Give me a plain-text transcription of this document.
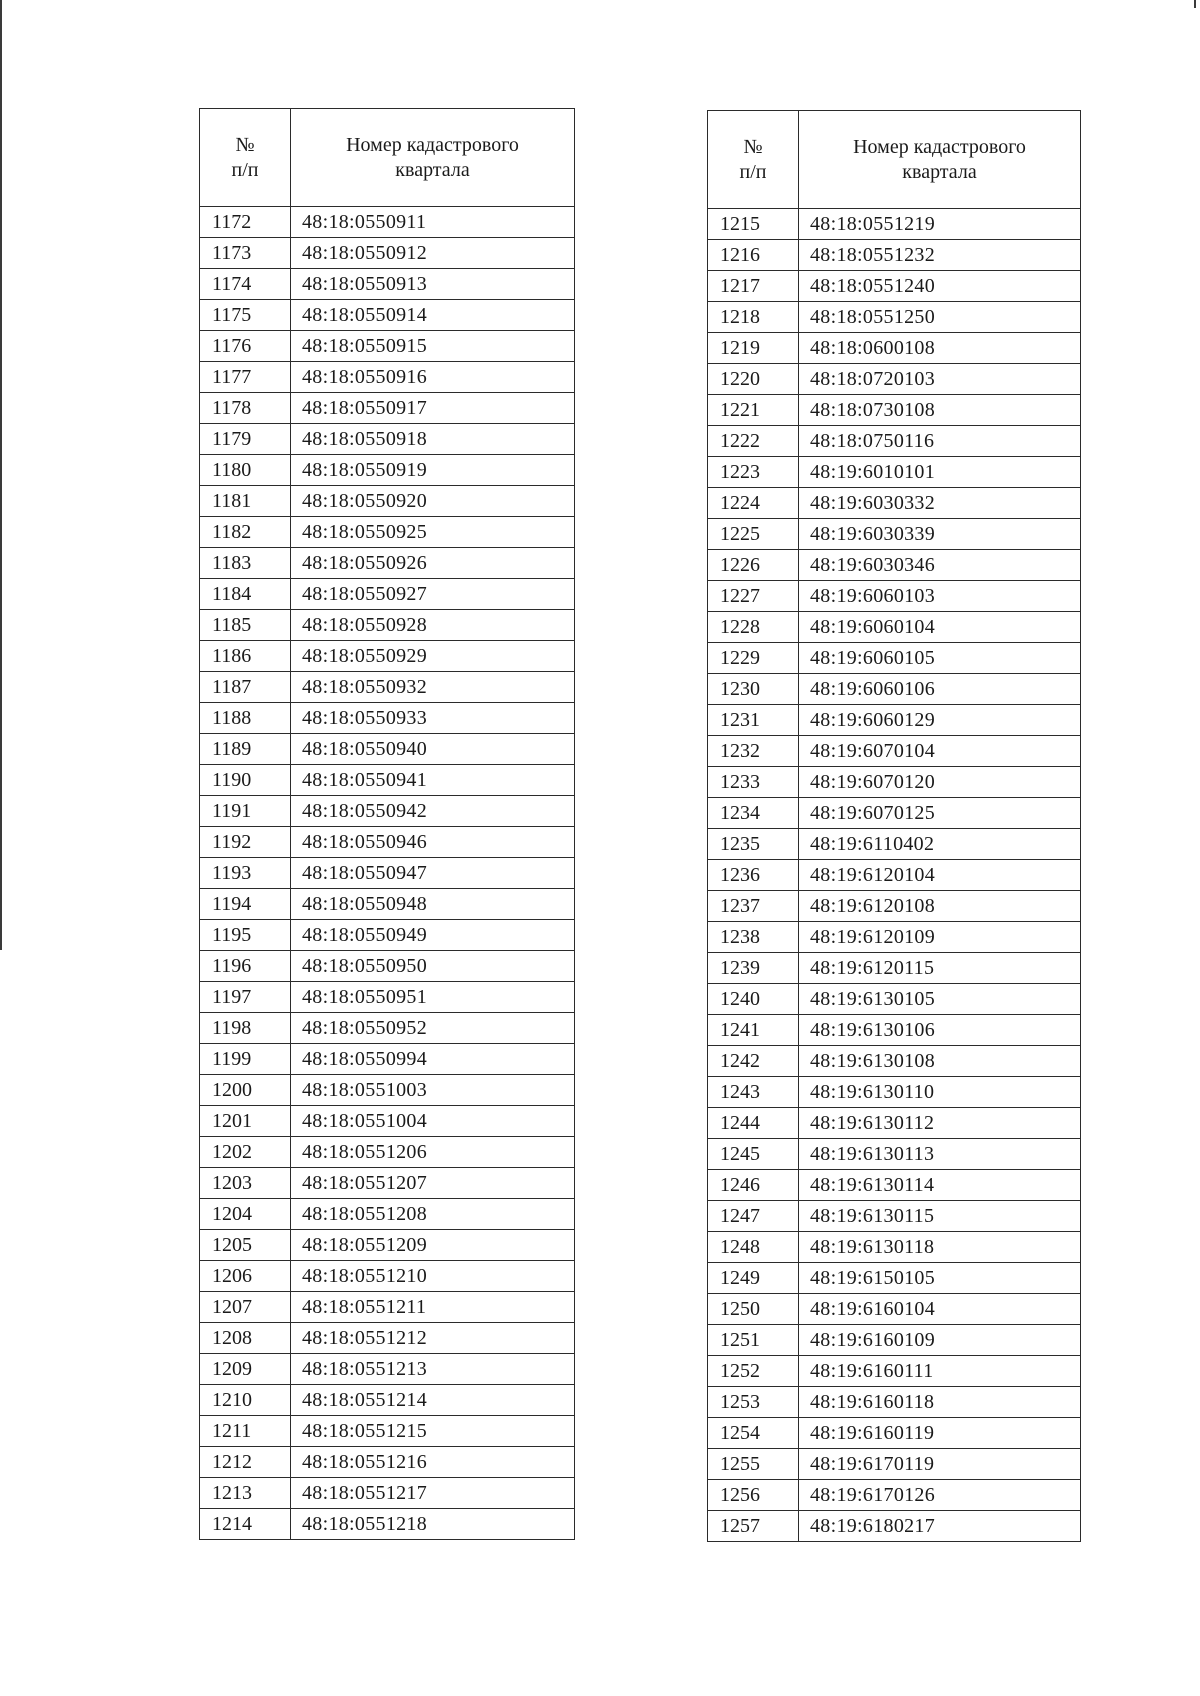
№
п/п	Номер кадастрового
квартала

1172	48:18:0550911
1173	48:18:0550912
1174	48:18:0550913
1175	48:18:0550914
1176	48:18:0550915
1177	48:18:0550916
1178	48:18:0550917
1179	48:18:0550918
1180	48:18:0550919
1181	48:18:0550920
1182	48:18:0550925
1183	48:18:0550926
1184	48:18:0550927
1185	48:18:0550928
1186	48:18:0550929
1187	48:18:0550932
1188	48:18:0550933
1189	48:18:0550940
1190	48:18:0550941
1191	48:18:0550942
1192	48:18:0550946
1193	48:18:0550947
1194	48:18:0550948
1195	48:18:0550949
1196	48:18:0550950
1197	48:18:0550951
1198	48:18:0550952
1199	48:18:0550994
1200	48:18:0551003
1201	48:18:0551004
1202	48:18:0551206
1203	48:18:0551207
1204	48:18:0551208
1205	48:18:0551209
1206	48:18:0551210
1207	48:18:0551211
1208	48:18:0551212
1209	48:18:0551213
1210	48:18:0551214
1211	48:18:0551215
1212	48:18:0551216
1213	48:18:0551217
1214	48:18:0551218
№
п/п	Номер кадастрового
квартала

1215	48:18:0551219
1216	48:18:0551232
1217	48:18:0551240
1218	48:18:0551250
1219	48:18:0600108
1220	48:18:0720103
1221	48:18:0730108
1222	48:18:0750116
1223	48:19:6010101
1224	48:19:6030332
1225	48:19:6030339
1226	48:19:6030346
1227	48:19:6060103
1228	48:19:6060104
1229	48:19:6060105
1230	48:19:6060106
1231	48:19:6060129
1232	48:19:6070104
1233	48:19:6070120
1234	48:19:6070125
1235	48:19:6110402
1236	48:19:6120104
1237	48:19:6120108
1238	48:19:6120109
1239	48:19:6120115
1240	48:19:6130105
1241	48:19:6130106
1242	48:19:6130108
1243	48:19:6130110
1244	48:19:6130112
1245	48:19:6130113
1246	48:19:6130114
1247	48:19:6130115
1248	48:19:6130118
1249	48:19:6150105
1250	48:19:6160104
1251	48:19:6160109
1252	48:19:6160111
1253	48:19:6160118
1254	48:19:6160119
1255	48:19:6170119
1256	48:19:6170126
1257	48:19:6180217
